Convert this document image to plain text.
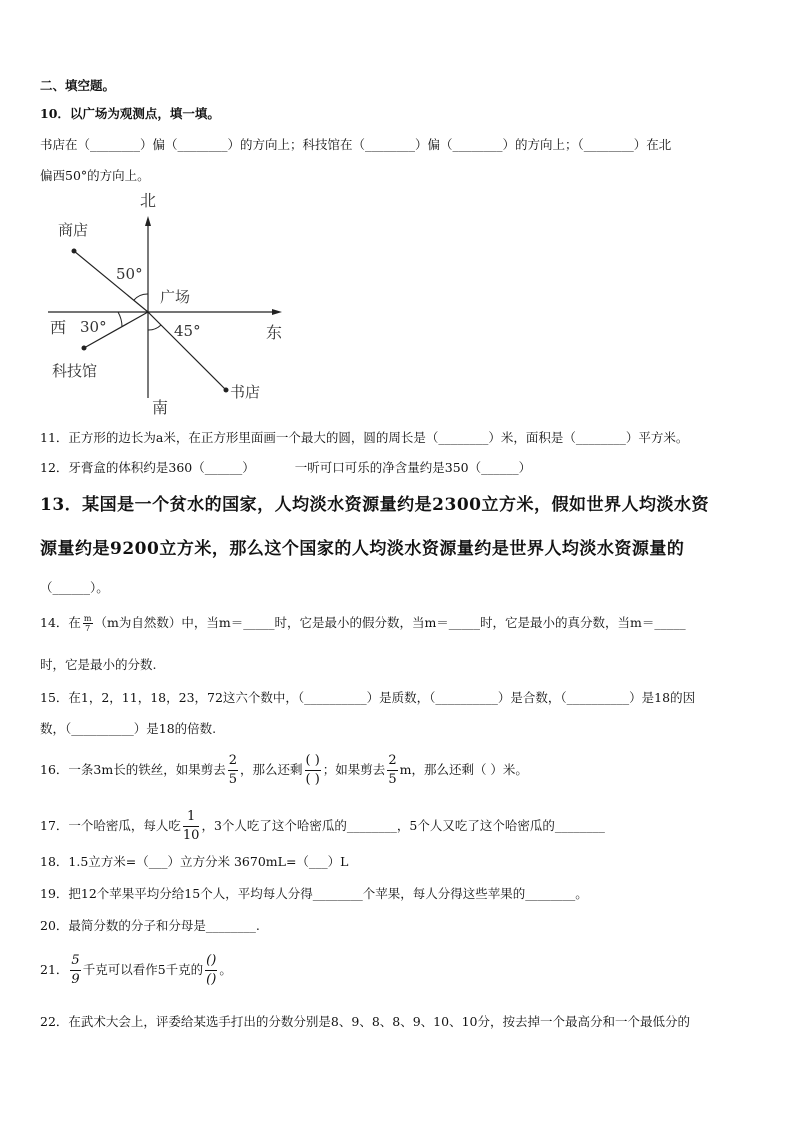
二、填空题。
10．以广场为观测点，填一填。
书店在（________）偏（________）的方向上；科技馆在（________）偏（________）的方向上；（________）在北
偏西50°的方向上。
北
南
东
西
广场
商店
科技馆
书店
50°
30°	45°
11．正方形的边长为a米，在正方形里面画一个最大的圆，圆的周长是（________）米，面积是（________）平方米。
12．牙膏盒的体积约是360（______）	一听可口可乐的净含量约是350（______）
13．某国是一个贫水的国家，人均淡水资源量约是2300立方米，假如世界人均淡水资
源量约是9200立方米，那么这个国家的人均淡水资源量约是世界人均淡水资源量的
（______）。
14．在 $\frac{m}{7} (m$为自然数）中，当m＝_____时，它是最小的假分数，当m＝_____时，它是最小的真分数，当m＝_____
时，它是最小的分数.
15．在1，2，11，18，23，72这六个数中，（__________）是质数，（__________）是合数，（__________）是18的因
数，（__________）是18的倍数.
16．一条3m长的铁丝，如果剪去 $\frac{2}{5}$ ，那么还剩 $\frac{( )}{( )}$ ；如果剪去 $\frac{2}{5}$ m，那么还剩（ ）米。
17．一个哈密瓜，每人吃 $\frac{1}{10}$ ，3个人吃了这个哈密瓜的________，5个人又吃了这个哈密瓜的________
18．1.5立方米=（___）立方分米 3670mL=（___）L
19．把12个苹果平均分给15个人，平均每人分得________个苹果，每人分得这些苹果的________。
20．最简分数的分子和分母是________.
21． $\frac{5}{9}$ 千克可以看作5千克的 $\frac{()}{()}$ 。
22．在武术大会上，评委给某选手打出的分数分别是8、9、8、8、9、10、10分，按去掉一个最高分和一个最低分的
